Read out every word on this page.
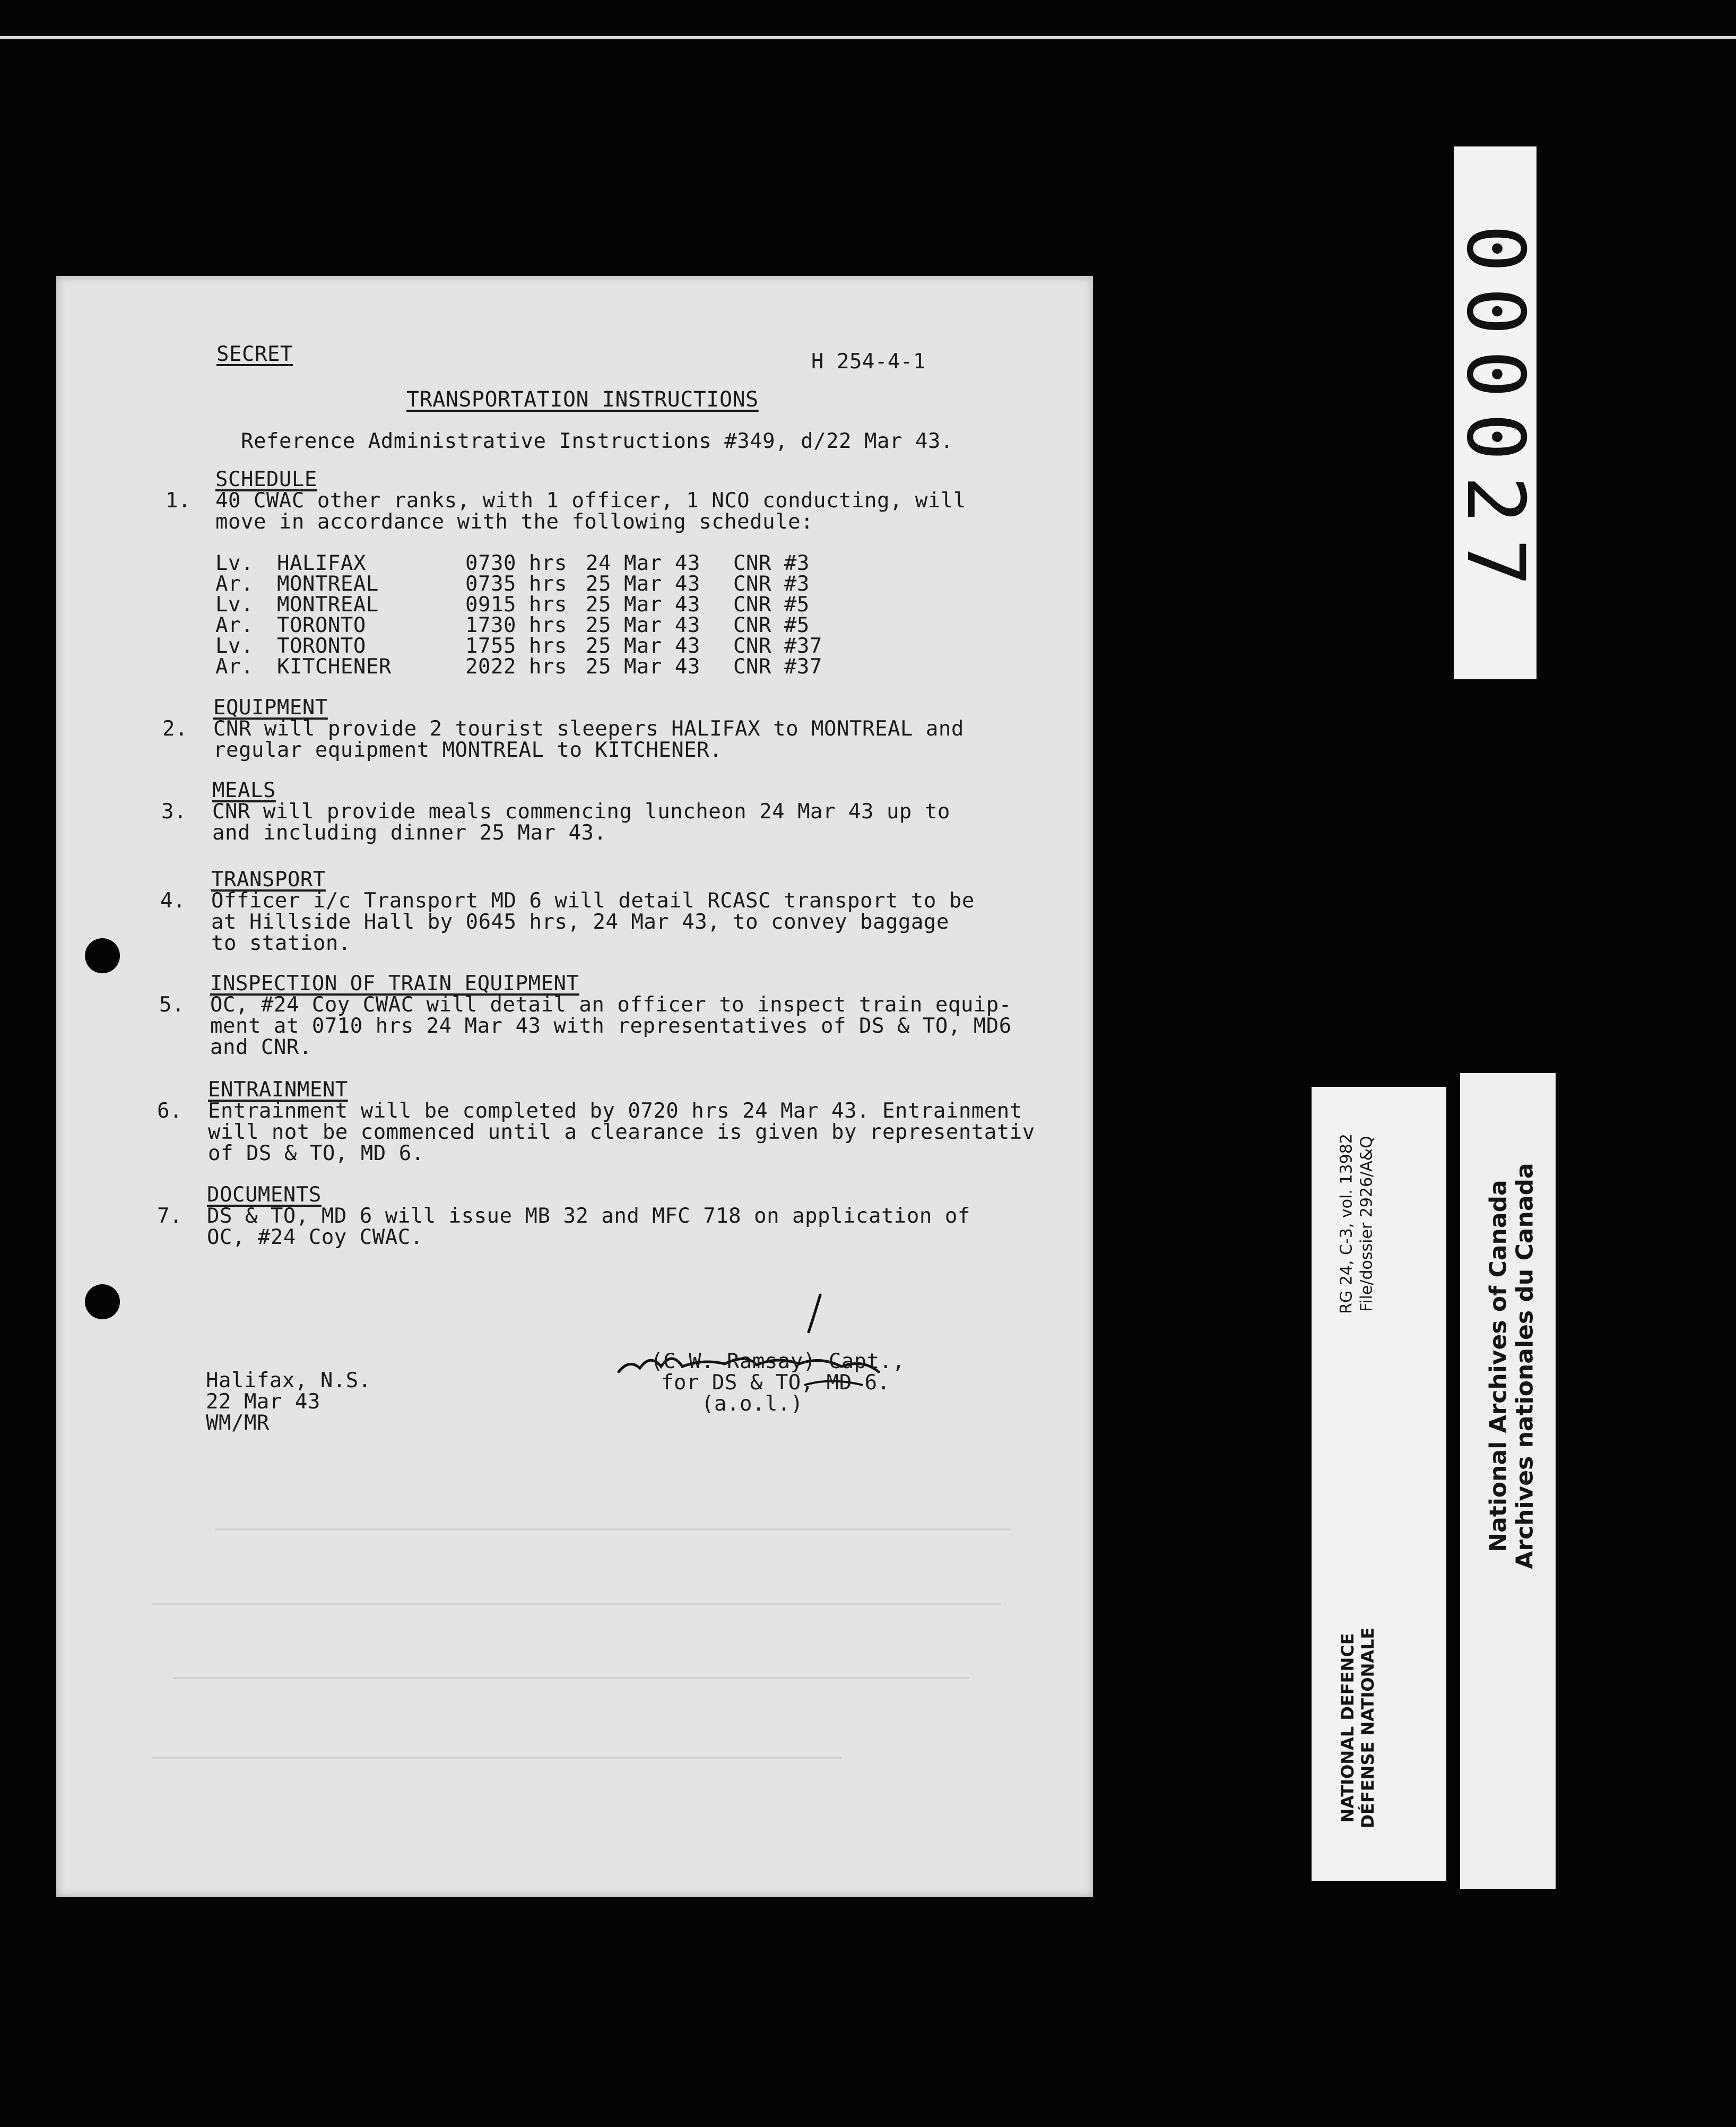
SECRET	H 254-4-1
TRANSPORTATION INSTRUCTIONS
Reference Administrative Instructions #349, d/22 Mar 43.
SCHEDULE
1. 40 CWAC other ranks, with 1 officer, 1 NCO conducting, will
move in accordance with the following schedule:
Lv. HALIFAX	0730 hrs 24 Mar 43 CNR #3
Ar. MONTREAL	0735 hrs 25 Mar 43 CNR #3
Lv. MONTREAL	0915 hrs 25 Mar 43 CNR #5
Ar. TORONTO	1730 hrs 25 Mar 43 CNR #5
Lv. TORONTO	1755 hrs 25 Mar 43 CNR #37
Ar. KITCHENER	2022 hrs 25 Mar 43 CNR #37
EQUIPMENT
2. CNR will provide 2 tourist sleepers HALIFAX to MONTREAL and
regular equipment MONTREAL to KITCHENER.
MEALS
3. CNR will provide meals commencing luncheon 24 Mar 43 up to
and including dinner 25 Mar 43.
TRANSPORT
4. Officer i/c Transport MD 6 will detail RCASC transport to be
at Hillside Hall by 0645 hrs, 24 Mar 43, to convey baggage
to station.
INSPECTION OF TRAIN EQUIPMENT
5. OC, #24 Coy CWAC will detail an officer to inspect train equip-
ment at 0710 hrs 24 Mar 43 with representatives of DS & TO, MD6
and CNR.
ENTRAINMENT
6. Entrainment will be completed by 0720 hrs 24 Mar 43. Entrainment
will not be commenced until a clearance is given by representativ
of DS & TO, MD 6.
DOCUMENTS
7. DS & TO, MD 6 will issue MB 32 and MFC 718 on application of
OC, #24 Coy CWAC.
(C.W. Ramsay) Capt.,
for DS & TO, MD 6.
(a.o.l.)
Halifax, N.S.
22 Mar 43
WM/MR
000027
RG 24, C-3, vol. 13982 File/dossier 2926/A&Q
NATIONAL DEFENCE DÉFENSE NATIONALE
National Archives of Canada Archives nationales du Canada
